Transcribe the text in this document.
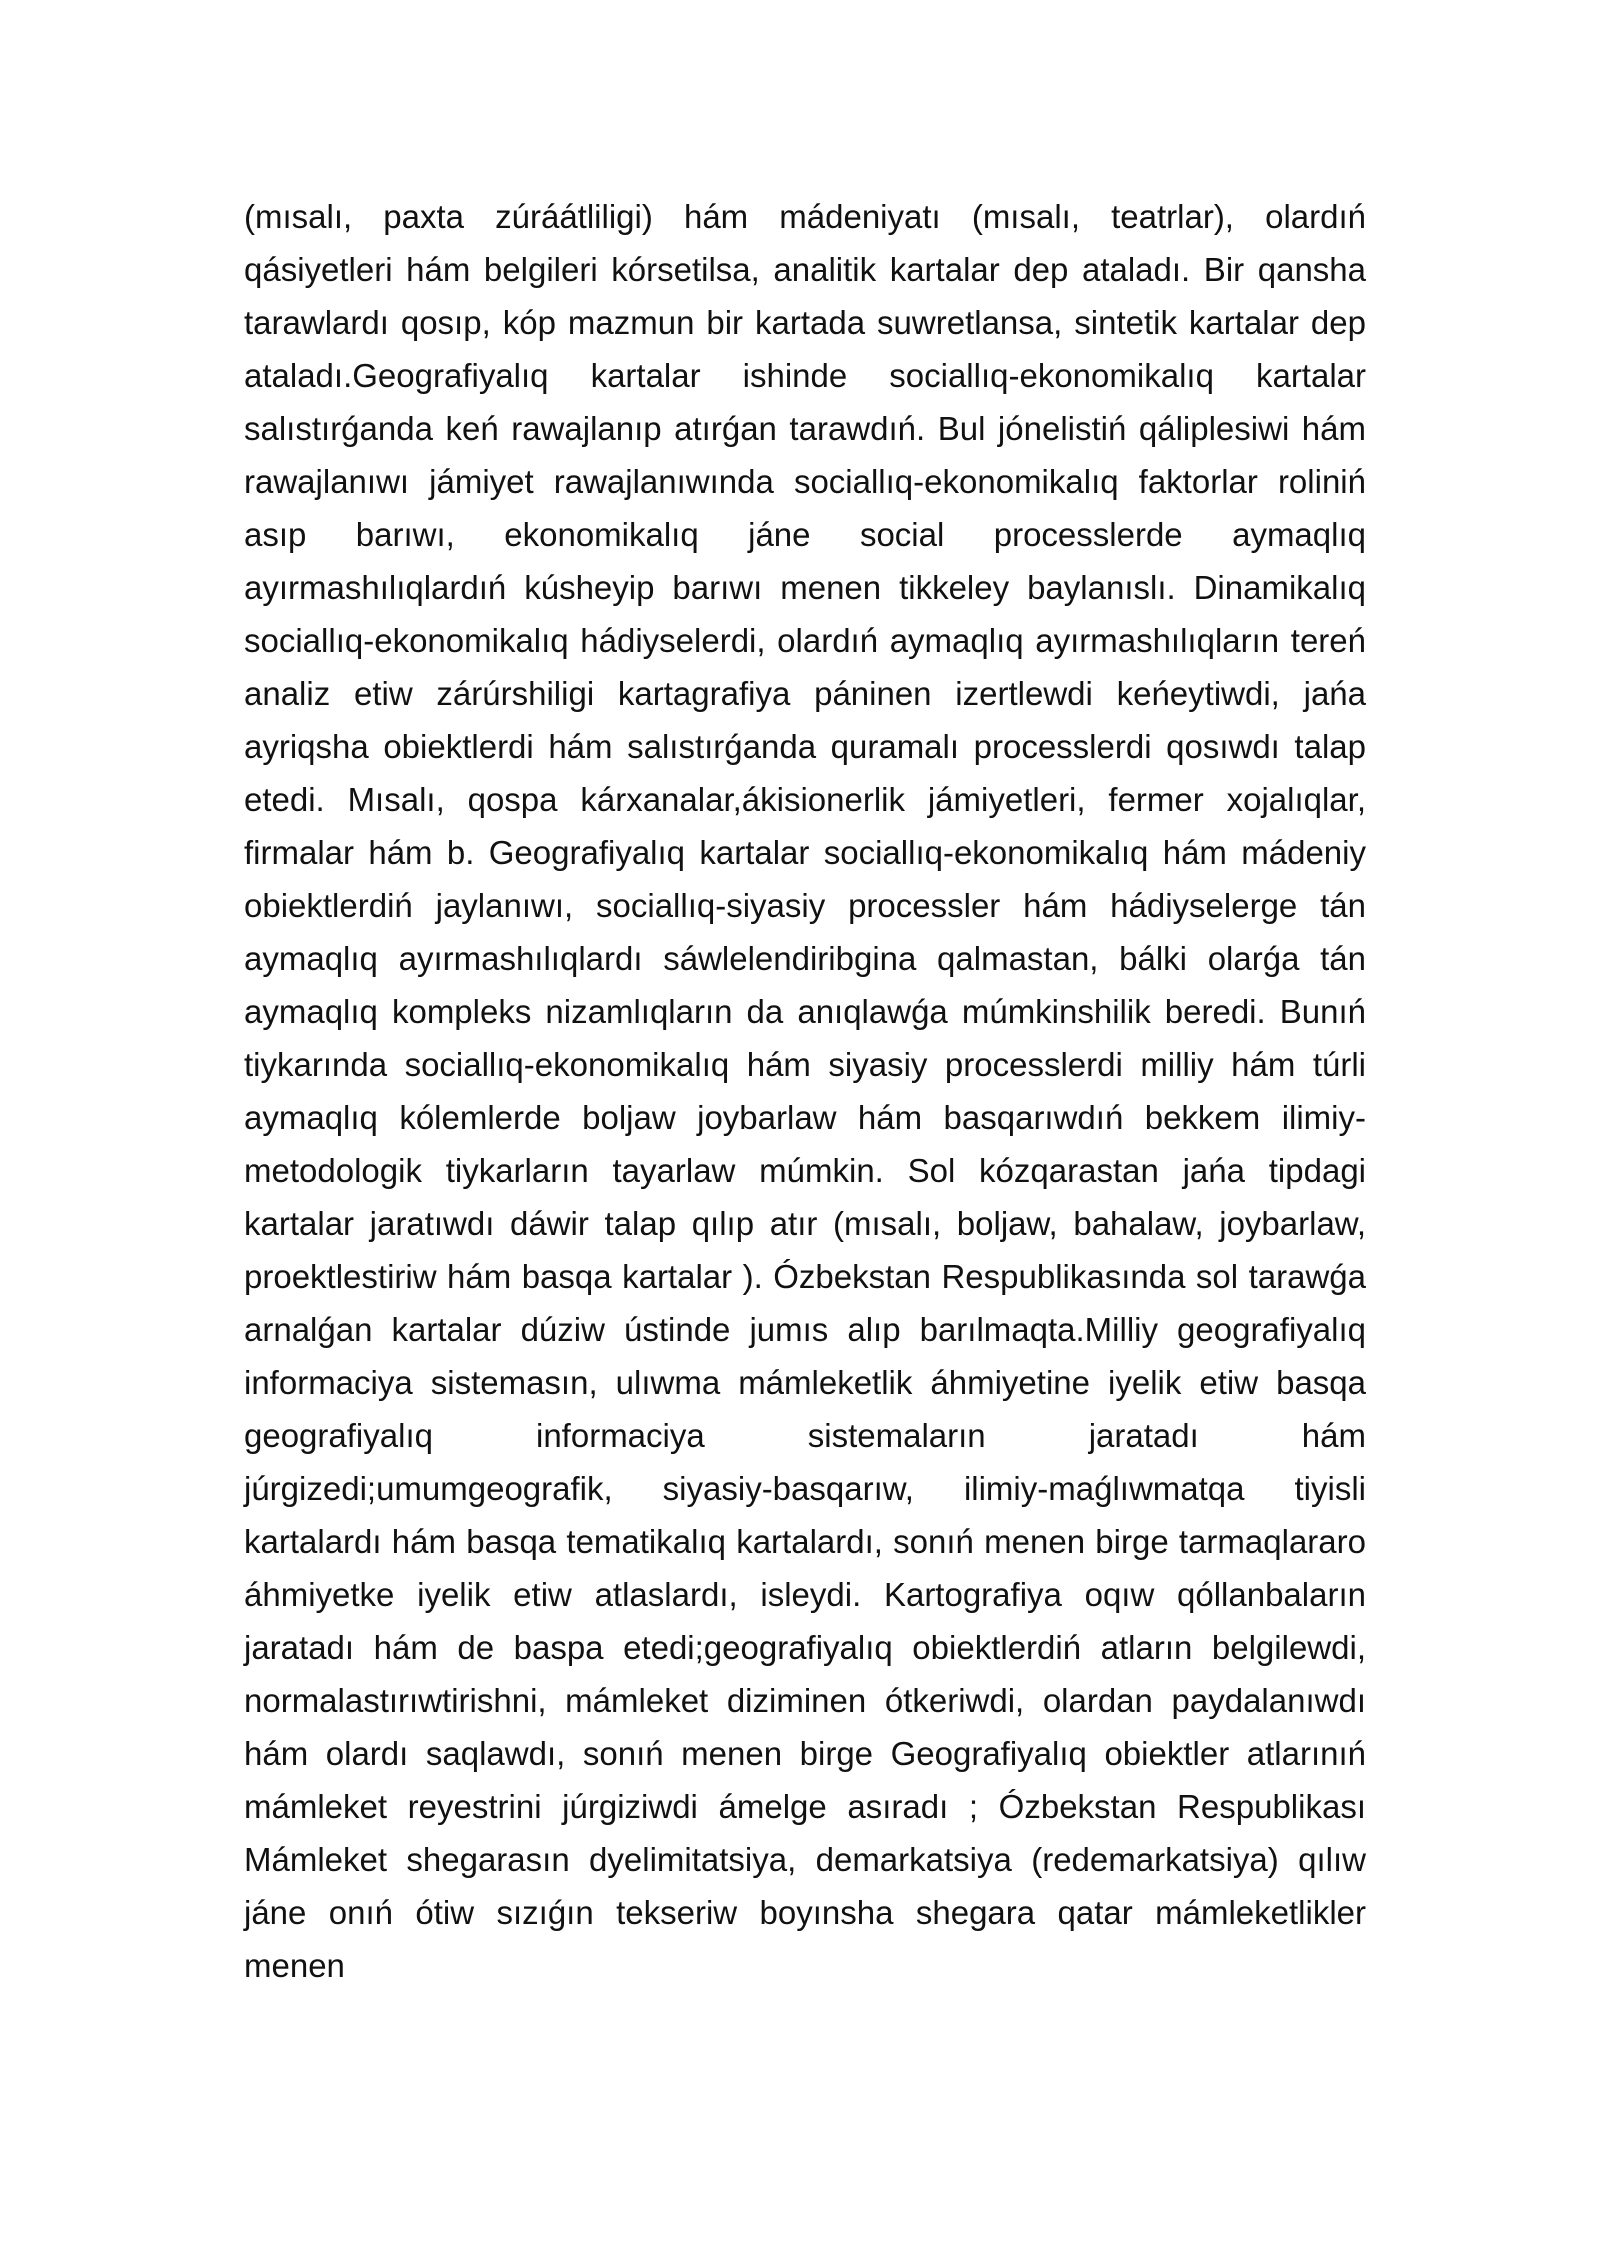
(mısalı, paxta zúráátliligi) hám mádeniyatı (mısalı, teatrlar), olardıń qásiyetleri hám belgileri kórsetilsa, analitik kartalar dep ataladı. Bir qansha tarawlardı qosıp, kóp mazmun bir kartada suwretlansa, sintetik kartalar dep ataladı.Geografiyalıq kartalar ishinde sociallıq-ekonomikalıq kartalar salıstırǵanda keń rawajlanıp atırǵan tarawdıń. Bul jónelistiń qáliplesiwi hám rawajlanıwı jámiyet rawajlanıwında sociallıq-ekonomikalıq faktorlar roliniń asıp barıwı, ekonomikalıq jáne social processlerde aymaqlıq ayırmashılıqlardıń kúsheyip barıwı menen tikkeley baylanıslı. Dinamikalıq sociallıq-ekonomikalıq hádiyselerdi, olardıń aymaqlıq ayırmashılıqların tereń analiz etiw zárúrshiligi kartagrafiya páninen izertlewdi keńeytiwdi, jańa ayriqsha obiektlerdi hám salıstırǵanda quramalı processlerdi qosıwdı talap etedi. Mısalı, qospa kárxanalar,ákisionerlik jámiyetleri, fermer xojalıqlar, firmalar hám b. Geografiyalıq kartalar sociallıq-ekonomikalıq hám mádeniy obiektlerdiń jaylanıwı, sociallıq-siyasiy processler hám hádiyselerge tán aymaqlıq ayırmashılıqlardı sáwlelendiribgina qalmastan, bálki olarǵa tán aymaqlıq kompleks nizamlıqların da anıqlawǵa múmkinshilik beredi. Bunıń tiykarında sociallıq-ekonomikalıq hám siyasiy processlerdi milliy hám túrli aymaqlıq kólemlerde boljaw joybarlaw hám basqarıwdıń bekkem ilimiy-metodologik tiykarların tayarlaw múmkin. Sol kózqarastan jańa tipdagi kartalar jaratıwdı dáwir talap qılıp atır (mısalı, boljaw, bahalaw, joybarlaw, proektlestiriw hám basqa kartalar ). Ózbekstan Respublikasında sol tarawǵa arnalǵan kartalar dúziw ústinde jumıs alıp barılmaqta.Milliy geografiyalıq informaciya sistemasın, ulıwma mámleketlik áhmiyetine iyelik etiw basqa geografiyalıq informaciya sistemaların jaratadı hám júrgizedi;umumgeografik, siyasiy-basqarıw, ilimiy-maǵlıwmatqa tiyisli kartalardı hám basqa tematikalıq kartalardı, sonıń menen birge tarmaqlararo áhmiyetke iyelik etiw atlaslardı, isleydi. Kartografiya oqıw qóllanbaların jaratadı hám de baspa etedi;geografiyalıq obiektlerdiń atların belgilewdi, normalastırıwtirishni, mámleket diziminen ótkeriwdi, olardan paydalanıwdı hám olardı saqlawdı, sonıń menen birge Geografiyalıq obiektler atlarınıń mámleket reyestrini júrgiziwdi ámelge asıradı ; Ózbekstan Respublikası Mámleket shegarasın dyelimitatsiya, demarkatsiya (redemarkatsiya) qılıw jáne onıń ótiw sızıǵın tekseriw boyınsha shegara qatar mámleketlikler menen
